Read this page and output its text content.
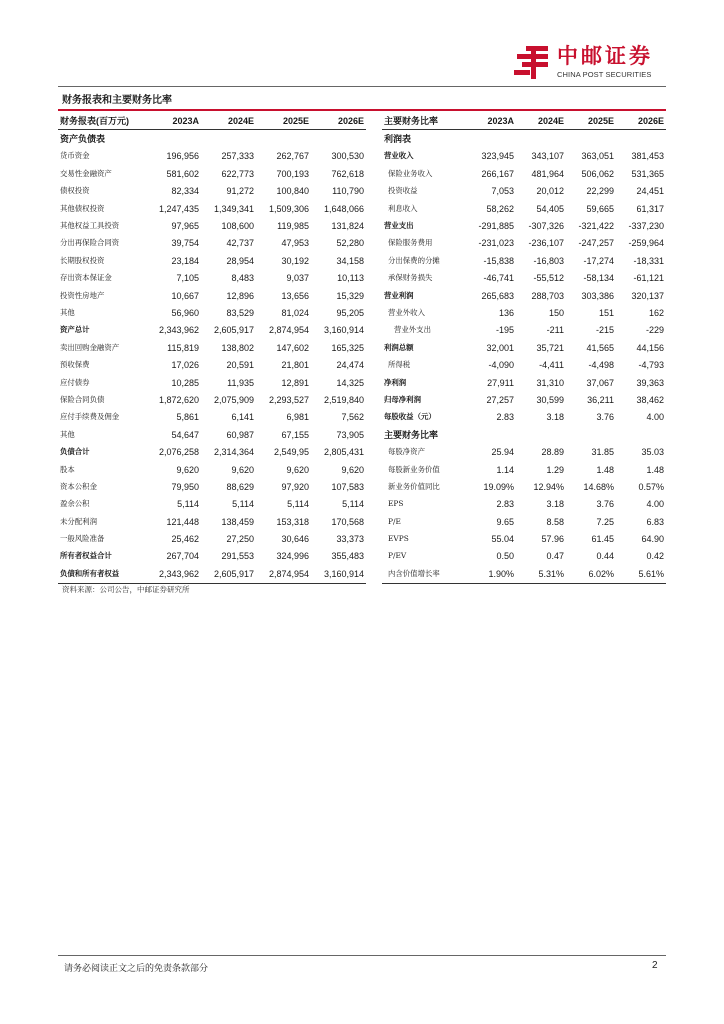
中邮证券
CHINA POST SECURITIES
财务报表和主要财务比率
财务报表(百万元)	2023A	2024E	2025E	2026E
资产负债表				
货币资金	196,956	257,333	262,767	300,530
交易性金融资产	581,602	622,773	700,193	762,618
债权投资	82,334	91,272	100,840	110,790
其他债权投资	1,247,435	1,349,341	1,509,306	1,648,066
其他权益工具投资	97,965	108,600	119,985	131,824
分出再保险合同资	39,754	42,737	47,953	52,280
长期股权投资	23,184	28,954	30,192	34,158
存出资本保证金	7,105	8,483	9,037	10,113
投资性房地产	10,667	12,896	13,656	15,329
其他	56,960	83,529	81,024	95,205
资产总计	2,343,962	2,605,917	2,874,954	3,160,914
卖出回购金融资产	115,819	138,802	147,602	165,325
预收保费	17,026	20,591	21,801	24,474
应付债券	10,285	11,935	12,891	14,325
保险合同负债	1,872,620	2,075,909	2,293,527	2,519,840
应付手续费及佣金	5,861	6,141	6,981	7,562
其他	54,647	60,987	67,155	73,905
负债合计	2,076,258	2,314,364	2,549,95	2,805,431
股本	9,620	9,620	9,620	9,620
资本公积金	79,950	88,629	97,920	107,583
盈余公积	5,114	5,114	5,114	5,114
未分配利润	121,448	138,459	153,318	170,568
一般风险准备	25,462	27,250	30,646	33,373
所有者权益合计	267,704	291,553	324,996	355,483
负债和所有者权益	2,343,962	2,605,917	2,874,954	3,160,914
主要财务比率	2023A	2024E	2025E	2026E
利润表				
营业收入	323,945	343,107	363,051	381,453
保险业务收入	266,167	481,964	506,062	531,365
投资收益	7,053	20,012	22,299	24,451
利息收入	58,262	54,405	59,665	61,317
营业支出	-291,885	-307,326	-321,422	-337,230
保险服务费用	-231,023	-236,107	-247,257	-259,964
分出保费的分摊	-15,838	-16,803	-17,274	-18,331
承保财务损失	-46,741	-55,512	-58,134	-61,121
营业利润	265,683	288,703	303,386	320,137
营业外收入	136	150	151	162
营业外支出	-195	-211	-215	-229
利润总额	32,001	35,721	41,565	44,156
所得税	-4,090	-4,411	-4,498	-4,793
净利润	27,911	31,310	37,067	39,363
归母净利润	27,257	30,599	36,211	38,462
每股收益（元）	2.83	3.18	3.76	4.00
主要财务比率				
每股净资产	25.94	28.89	31.85	35.03
每股新业务价值	1.14	1.29	1.48	1.48
新业务价值同比	19.09%	12.94%	14.68%	0.57%
EPS	2.83	3.18	3.76	4.00
P/E	9.65	8.58	7.25	6.83
EVPS	55.04	57.96	61.45	64.90
P/EV	0.50	0.47	0.44	0.42
内含价值增长率	1.90%	5.31%	6.02%	5.61%
资料来源：公司公告，中邮证券研究所
请务必阅读正文之后的免责条款部分	2
